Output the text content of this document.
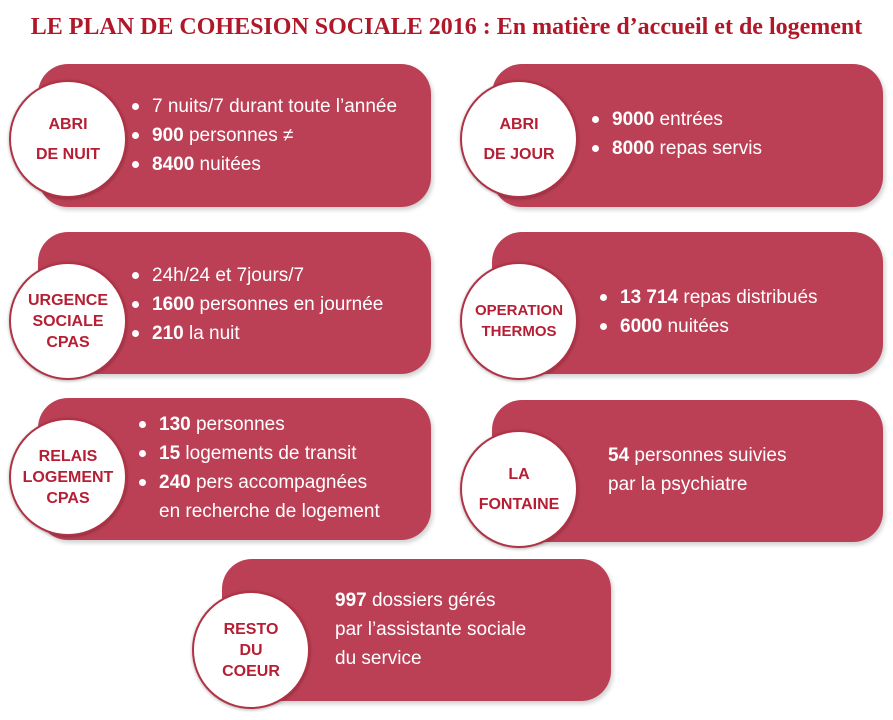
LE PLAN DE COHESION SOCIALE 2016 : En matière d’accueil et de logement
ABRI
DE NUIT
7 nuits/7 durant toute l’année
900 personnes ≠
8400 nuitées
ABRI
DE JOUR
9000 entrées
8000 repas servis
URGENCE
SOCIALE
CPAS
24h/24 et 7jours/7
1600 personnes en journée
210 la nuit
OPERATION
THERMOS
13 714 repas distribués
6000 nuitées
RELAIS
LOGEMENT
CPAS
130 personnes
15 logements de transit
240 pers accompagnées
en recherche de logement
LA
FONTAINE
54 personnes suivies
par la psychiatre
RESTO
DU
COEUR
997 dossiers gérés
par l’assistante sociale
du service
